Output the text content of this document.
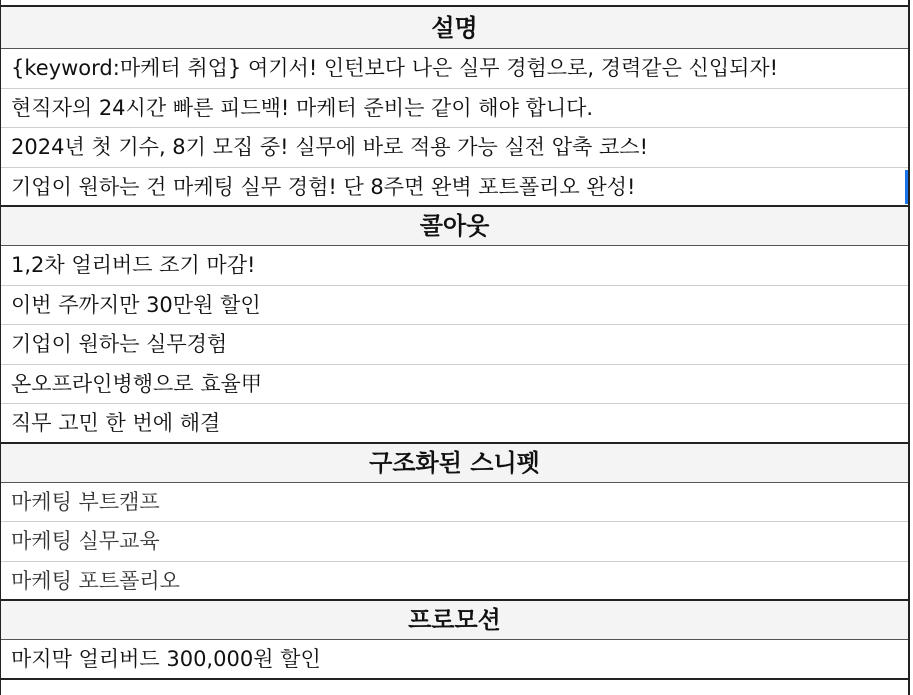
설명
{keyword:마케터 취업} 여기서! 인턴보다 나은 실무 경험으로, 경력같은 신입되자!
현직자의 24시간 빠른 피드백! 마케터 준비는 같이 해야 합니다.
2024년 첫 기수, 8기 모집 중! 실무에 바로 적용 가능 실전 압축 코스!
기업이 원하는 건 마케팅 실무 경험! 단 8주면 완벽 포트폴리오 완성!
콜아웃
1,2차 얼리버드 조기 마감!
이번 주까지만 30만원 할인
기업이 원하는 실무경험
온오프라인병행으로 효율甲
직무 고민 한 번에 해결
구조화된 스니펫
마케팅 부트캠프
마케팅 실무교육
마케팅 포트폴리오
프로모션
마지막 얼리버드 300,000원 할인
